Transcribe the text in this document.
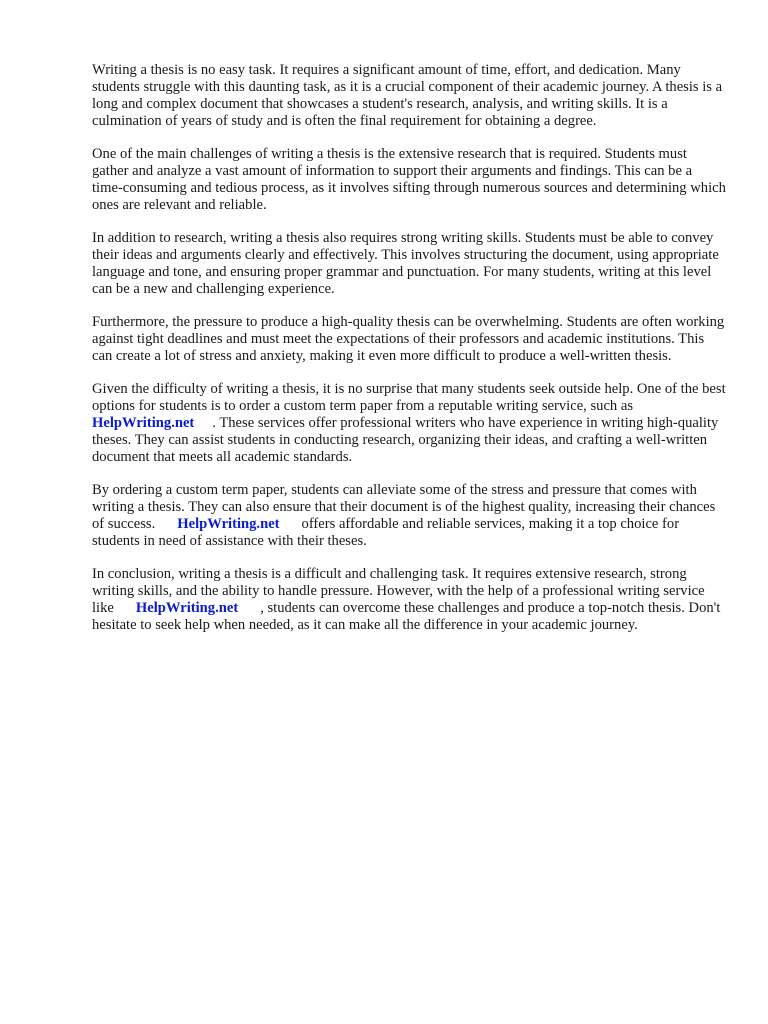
Writing a thesis is no easy task. It requires a significant amount of time, effort, and dedication. Many students struggle with this daunting task, as it is a crucial component of their academic journey. A thesis is a long and complex document that showcases a student's research, analysis, and writing skills. It is a culmination of years of study and is often the final requirement for obtaining a degree.

One of the main challenges of writing a thesis is the extensive research that is required. Students must gather and analyze a vast amount of information to support their arguments and findings. This can be a time-consuming and tedious process, as it involves sifting through numerous sources and determining which ones are relevant and reliable.

In addition to research, writing a thesis also requires strong writing skills. Students must be able to convey their ideas and arguments clearly and effectively. This involves structuring the document, using appropriate language and tone, and ensuring proper grammar and punctuation. For many students, writing at this level can be a new and challenging experience.

Furthermore, the pressure to produce a high-quality thesis can be overwhelming. Students are often working against tight deadlines and must meet the expectations of their professors and academic institutions. This can create a lot of stress and anxiety, making it even more difficult to produce a well-written thesis.

Given the difficulty of writing a thesis, it is no surprise that many students seek outside help. One of the best options for students is to order a custom term paper from a reputable writing service, such asHelpWriting.net . These services offer professional writers who have experience in writing high-quality theses. They can assist students in conducting research, organizing their ideas, and crafting a well-written document that meets all academic standards.

By ordering a custom term paper, students can alleviate some of the stress and pressure that comes with writing a thesis. They can also ensure that their document is of the highest quality, increasing their chances of success. HelpWriting.net offers affordable and reliable services, making it a top choice for students in need of assistance with their theses.

In conclusion, writing a thesis is a difficult and challenging task. It requires extensive research, strong writing skills, and the ability to handle pressure. However, with the help of a professional writing service like HelpWriting.net , students can overcome these challenges and produce a top-notch thesis. Don't hesitate to seek help when needed, as it can make all the difference in your academic journey.
